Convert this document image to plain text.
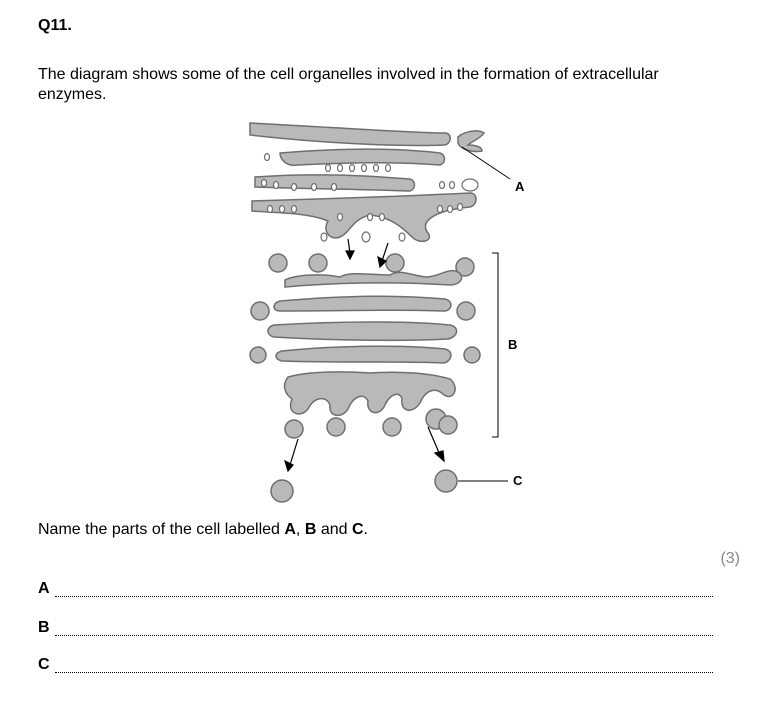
Q11.
The diagram shows some of the cell organelles involved in the formation of extracellular enzymes.
A
B
C
Name the parts of the cell labelled A, B and C.
(3)
A
B
C
